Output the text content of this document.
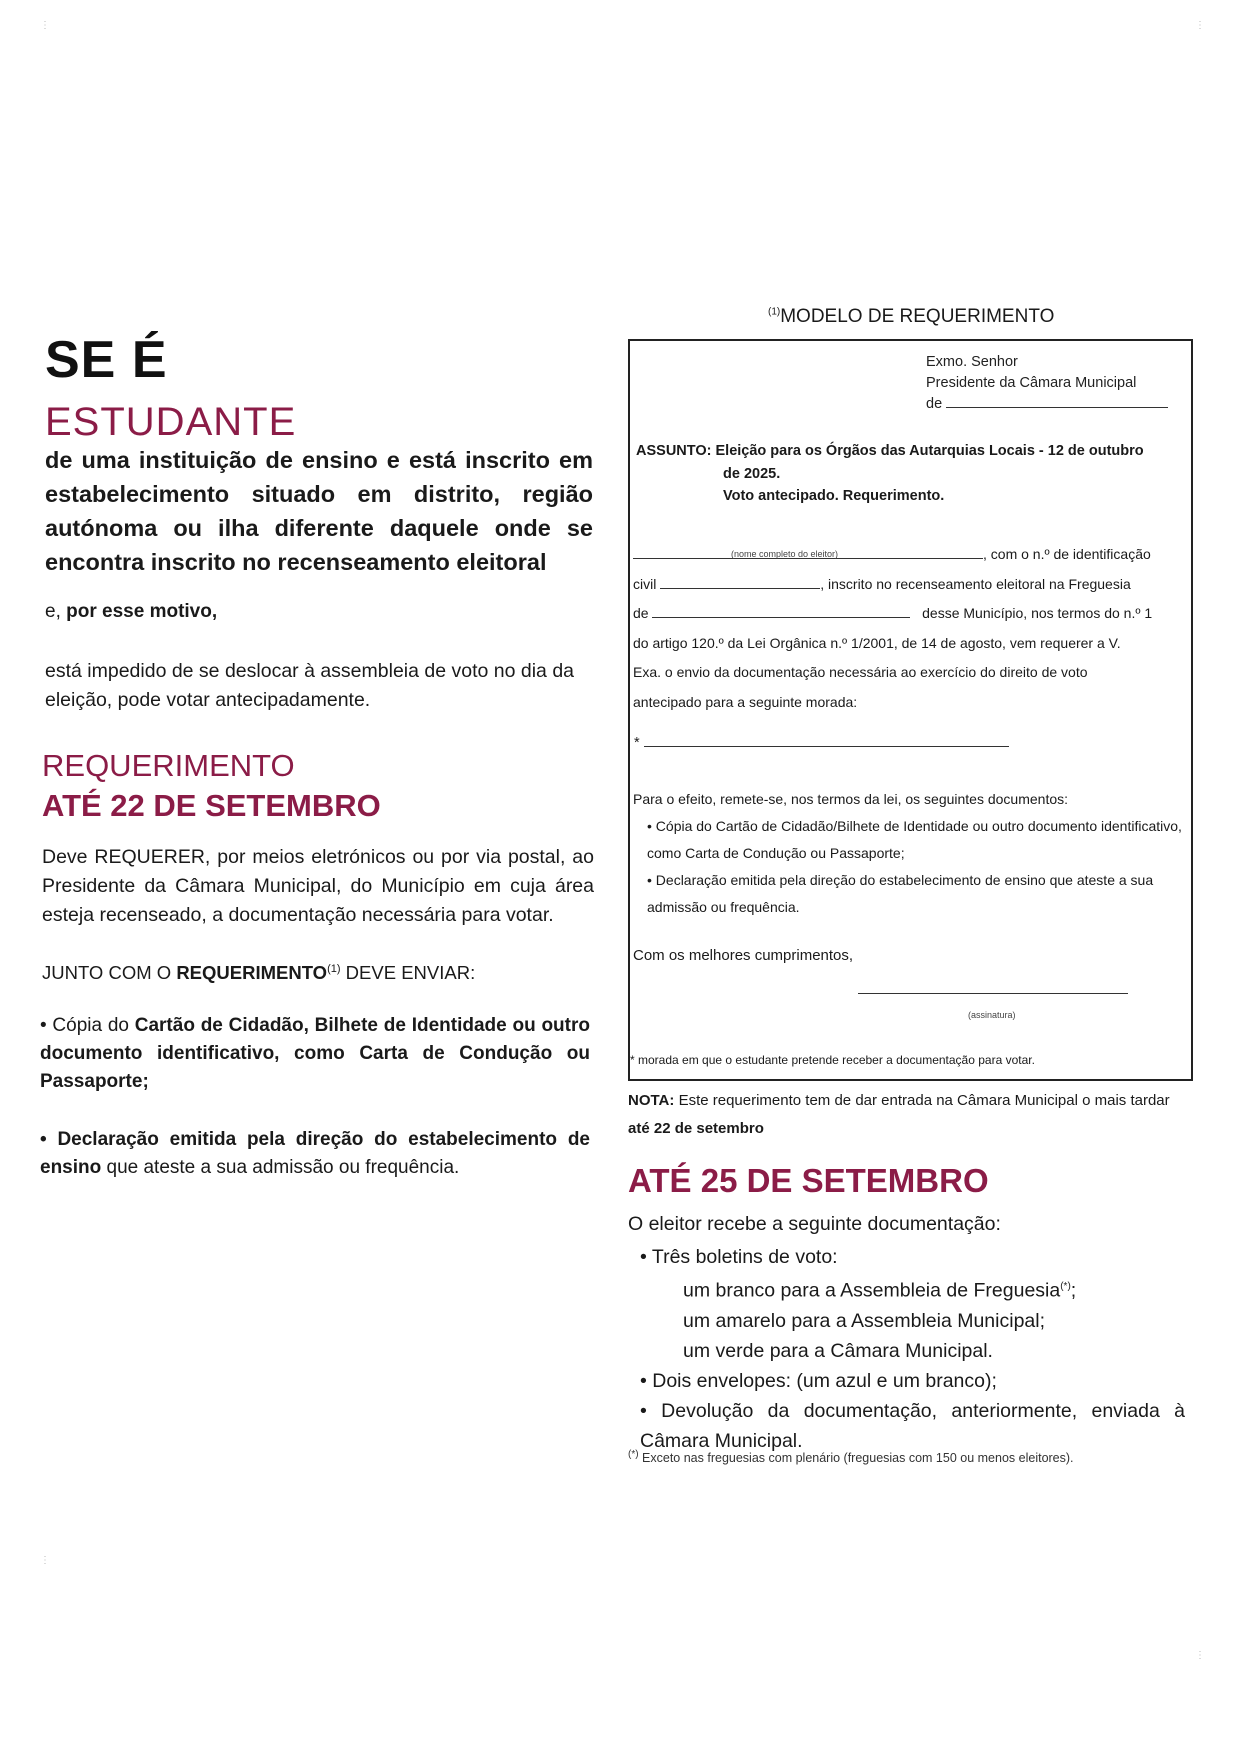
SE É
ESTUDANTE
de uma instituição de ensino e está inscrito em estabelecimento situado em distrito, região autónoma ou ilha diferente daquele onde se encontra inscrito no recenseamento eleitoral
e, por esse motivo,
está impedido de se deslocar à assembleia de voto no dia da eleição, pode votar antecipadamente.
REQUERIMENTO
ATÉ 22 DE SETEMBRO
Deve REQUERER, por meios eletrónicos ou por via postal, ao Presidente da Câmara Municipal, do Município em cuja área esteja recenseado, a documentação necessária para votar.
JUNTO COM O REQUERIMENTO$^{(1)}$ DEVE ENVIAR:
• Cópia do Cartão de Cidadão, Bilhete de Identidade ou outro documento identificativo, como Carta de Condução ou Passaporte;
• Declaração emitida pela direção do estabelecimento de ensino que ateste a sua admissão ou frequência.
$^{(1)}$MODELO DE REQUERIMENTO
Exmo. Senhor
Presidente da Câmara Municipal
de
ASSUNTO: Eleição para os Órgãos das Autarquias Locais - 12 de outubro
de 2025.
Voto antecipado. Requerimento.
(nome completo do eleitor)	, com o n.º de identificação
civil	, inscrito no recenseamento eleitoral na Freguesia
de	desse Município, nos termos do n.º 1
do artigo 120.º da Lei Orgânica n.º 1/2001, de 14 de agosto, vem requerer a V.
Exa. o envio da documentação necessária ao exercício do direito de voto
antecipado para a seguinte morada:
*
Para o efeito, remete-se, nos termos da lei, os seguintes documentos:
• Cópia do Cartão de Cidadão/Bilhete de Identidade ou outro documento identificativo, como Carta de Condução ou Passaporte;
• Declaração emitida pela direção do estabelecimento de ensino que ateste a sua admissão ou frequência.
Com os melhores cumprimentos,
(assinatura)
* morada em que o estudante pretende receber a documentação para votar.
NOTA: Este requerimento tem de dar entrada na Câmara Municipal o mais tardar até 22 de setembro
ATÉ 25 DE SETEMBRO
O eleitor recebe a seguinte documentação:
• Três boletins de voto:
um branco para a Assembleia de Freguesia(*);
um amarelo para a Assembleia Municipal;
um verde para a Câmara Municipal.
• Dois envelopes: (um azul e um branco);
• Devolução da documentação, anteriormente, enviada à Câmara Municipal.
(*) Exceto nas freguesias com plenário (freguesias com 150 ou menos eleitores).
⋮	⋮
⋮
⋮
